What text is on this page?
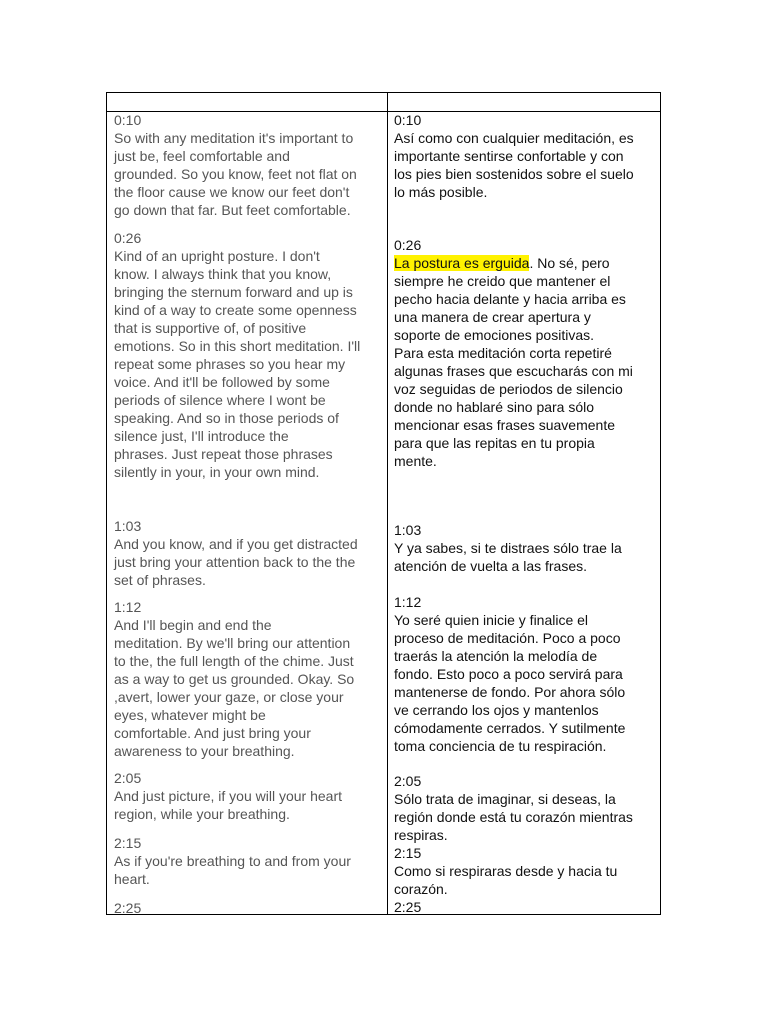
0:10
So with any meditation it's important to
just be, feel comfortable and
grounded. So you know, feet not flat on
the floor cause we know our feet don't
go down that far. But feet comfortable.
0:26
Kind of an upright posture. I don't
know. I always think that you know,
bringing the sternum forward and up is
kind of a way to create some openness
that is supportive of, of positive
emotions. So in this short meditation. I'll
repeat some phrases so you hear my
voice. And it'll be followed by some
periods of silence where I wont be
speaking. And so in those periods of
silence just, I'll introduce the
phrases. Just repeat those phrases
silently in your, in your own mind.
1:03
And you know, and if you get distracted
just bring your attention back to the the
set of phrases.
1:12
And I'll begin and end the
meditation. By we'll bring our attention
to the, the full length of the chime. Just
as a way to get us grounded. Okay. So
,avert, lower your gaze, or close your
eyes, whatever might be
comfortable. And just bring your
awareness to your breathing.
2:05
And just picture, if you will your heart
region, while your breathing.
2:15
As if you're breathing to and from your
heart.
2:25
0:10
Así como con cualquier meditación, es
importante sentirse confortable y con
los pies bien sostenidos sobre el suelo
lo más posible.
0:26
La postura es erguida. No sé, pero
siempre he creido que mantener el
pecho hacia delante y hacia arriba es
una manera de crear apertura y
soporte de emociones positivas.
Para esta meditación corta repetiré
algunas frases que escucharás con mi
voz seguidas de periodos de silencio
donde no hablaré sino para sólo
mencionar esas frases suavemente
para que las repitas en tu propia
mente.
1:03
Y ya sabes, si te distraes sólo trae la
atención de vuelta a las frases.
1:12
Yo seré quien inicie y finalice el
proceso de meditación. Poco a poco
traerás la atención la melodía de
fondo. Esto poco a poco servirá para
mantenerse de fondo. Por ahora sólo
ve cerrando los ojos y mantenlos
cómodamente cerrados. Y sutilmente
toma conciencia de tu respiración.
2:05
Sólo trata de imaginar, si deseas, la
región donde está tu corazón mientras
respiras.
2:15
Como si respiraras desde y hacia tu
corazón.
2:25
